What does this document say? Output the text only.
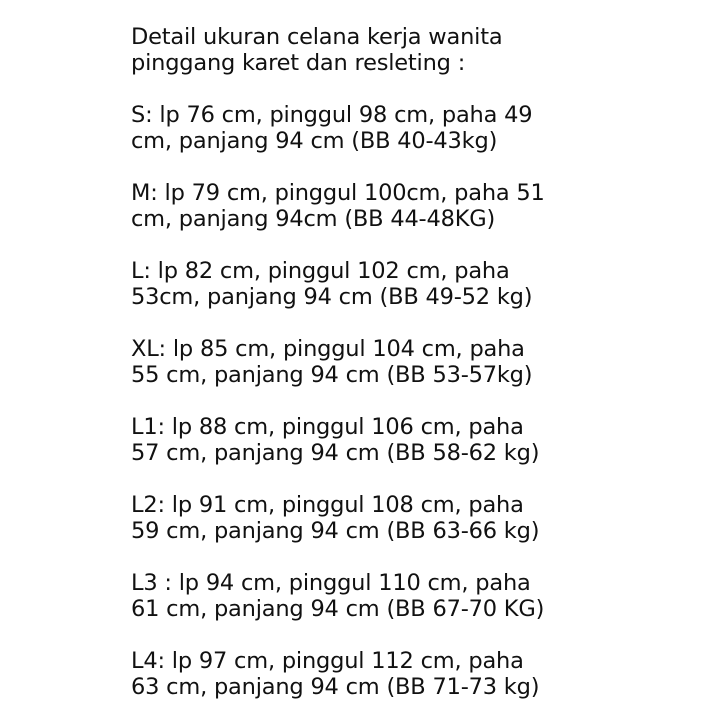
Detail ukuran celana kerja wanita
pinggang karet dan resleting :

S: lp 76 cm, pinggul 98 cm, paha 49
cm, panjang 94 cm (BB 40-43kg)
M: lp 79 cm, pinggul 100cm, paha 51
cm, panjang 94cm (BB 44-48KG)
L: lp 82 cm, pinggul 102 cm, paha
53cm, panjang 94 cm (BB 49-52 kg)
XL: lp 85 cm, pinggul 104 cm, paha
55 cm, panjang 94 cm (BB 53-57kg)
L1: lp 88 cm, pinggul 106 cm, paha
57 cm, panjang 94 cm (BB 58-62 kg)
L2: lp 91 cm, pinggul 108 cm, paha
59 cm, panjang 94 cm (BB 63-66 kg)
L3 : lp 94 cm, pinggul 110 cm, paha
61 cm, panjang 94 cm (BB 67-70 KG)
L4: lp 97 cm, pinggul 112 cm, paha
63 cm, panjang 94 cm (BB 71-73 kg)
